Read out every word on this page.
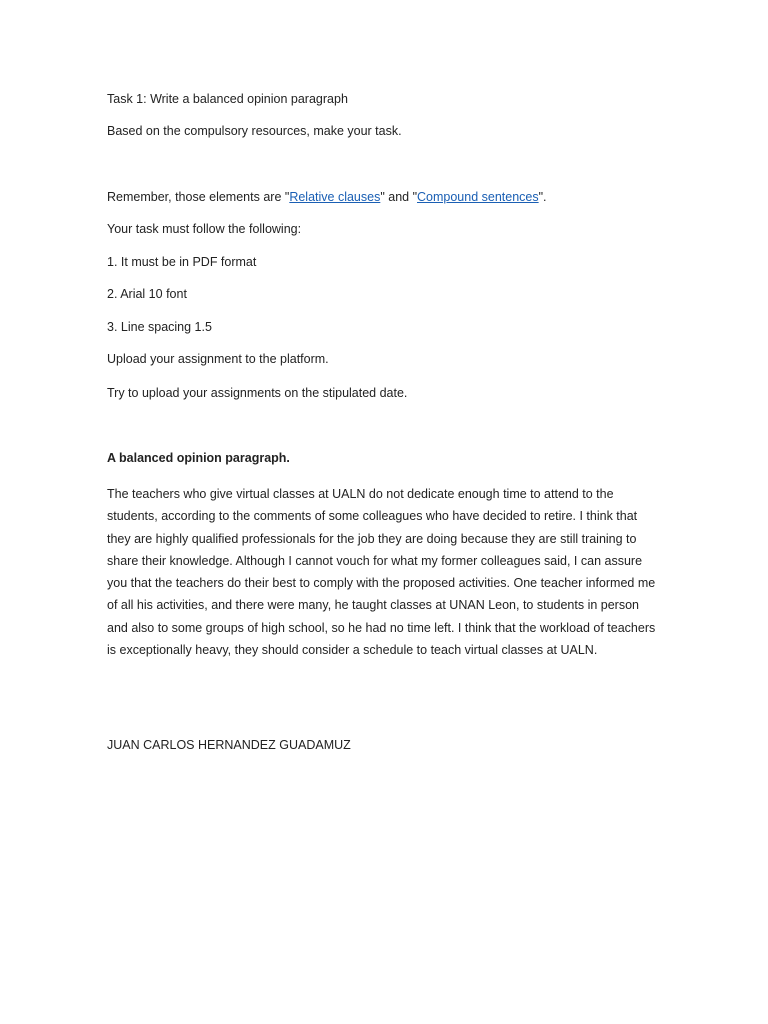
Task 1: Write a balanced opinion paragraph
Based on the compulsory resources, make your task.
Remember, those elements are "Relative clauses" and "Compound sentences".
Your task must follow the following:
1. It must be in PDF format
2. Arial 10 font
3. Line spacing 1.5
Upload your assignment to the platform.
Try to upload your assignments on the stipulated date.
A balanced opinion paragraph.
The teachers who give virtual classes at UALN do not dedicate enough time to attend to the
students, according to the comments of some colleagues who have decided to retire. I think that
they are highly qualified professionals for the job they are doing because they are still training to
share their knowledge. Although I cannot vouch for what my former colleagues said, I can assure
you that the teachers do their best to comply with the proposed activities. One teacher informed me
of all his activities, and there were many, he taught classes at UNAN Leon, to students in person
and also to some groups of high school, so he had no time left. I think that the workload of teachers
is exceptionally heavy, they should consider a schedule to teach virtual classes at UALN.
JUAN CARLOS HERNANDEZ GUADAMUZ
